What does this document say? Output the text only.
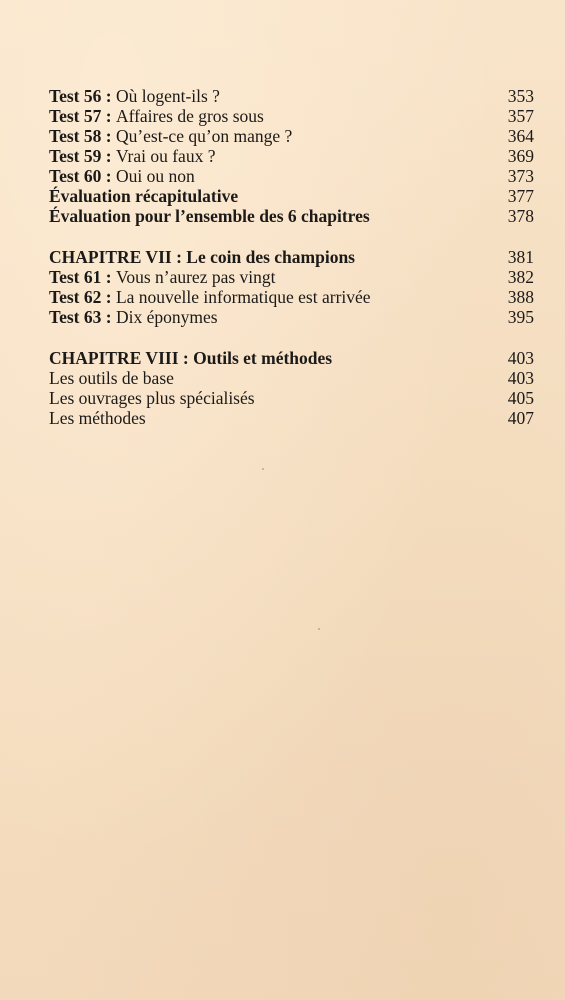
Test 56 : Où logent-ils ?	353
Test 57 : Affaires de gros sous	357
Test 58 : Qu’est-ce qu’on mange ?	364
Test 59 : Vrai ou faux ?	369
Test 60 : Oui ou non	373
Évaluation récapitulative	377
Évaluation pour l’ensemble des 6 chapitres	378
CHAPITRE VII : Le coin des champions	381
Test 61 : Vous n’aurez pas vingt	382
Test 62 : La nouvelle informatique est arrivée	388
Test 63 : Dix éponymes	395
CHAPITRE VIII : Outils et méthodes	403
Les outils de base	403
Les ouvrages plus spécialisés	405
Les méthodes	407
